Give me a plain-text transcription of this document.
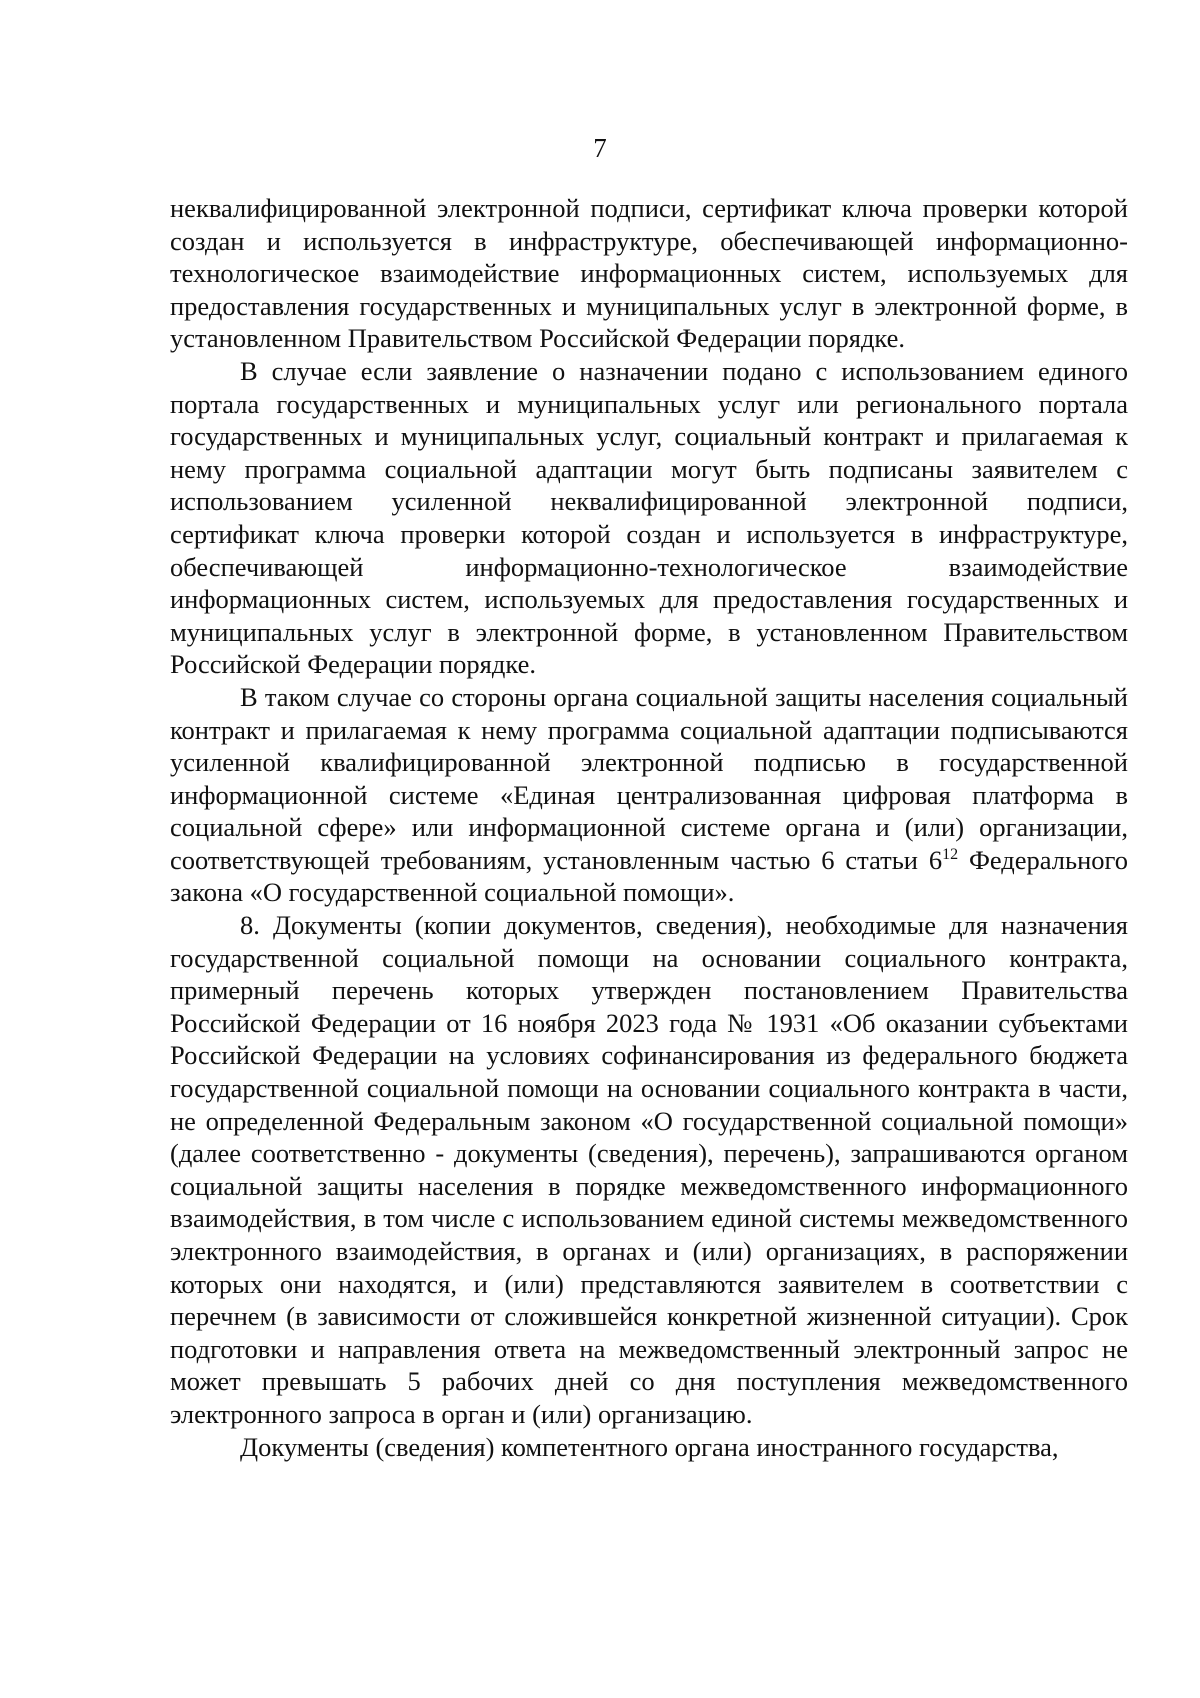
7

неквалифицированной электронной подписи, сертификат ключа проверки которой создан и используется в инфраструктуре, обеспечивающей информационно-технологическое взаимодействие информационных систем, используемых для предоставления государственных и муниципальных услуг в электронной форме, в установленном Правительством Российской Федерации порядке.

В случае если заявление о назначении подано с использованием единого портала государственных и муниципальных услуг или регионального портала государственных и муниципальных услуг, социальный контракт и прилагаемая к нему программа социальной адаптации могут быть подписаны заявителем с использованием усиленной неквалифицированной электронной подписи, сертификат ключа проверки которой создан и используется в инфраструктуре, обеспечивающей информационно-технологическое взаимодействие информационных систем, используемых для предоставления государственных и муниципальных услуг в электронной форме, в установленном Правительством Российской Федерации порядке.

В таком случае со стороны органа социальной защиты населения социальный контракт и прилагаемая к нему программа социальной адаптации подписываются усиленной квалифицированной электронной подписью в государственной информационной системе «Единая централизованная цифровая платформа в социальной сфере» или информационной системе органа и (или) организации, соответствующей требованиям, установленным частью 6 статьи $6^{12}$ Федерального закона «О государственной социальной помощи».

8. Документы (копии документов, сведения), необходимые для назначения государственной социальной помощи на основании социального контракта, примерный перечень которых утвержден постановлением Правительства Российской Федерации от 16 ноября 2023 года № 1931 «Об оказании субъектами Российской Федерации на условиях софинансирования из федерального бюджета государственной социальной помощи на основании социального контракта в части, не определенной Федеральным законом «О государственной социальной помощи» (далее соответственно - документы (сведения), перечень), запрашиваются органом социальной защиты населения в порядке межведомственного информационного взаимодействия, в том числе с использованием единой системы межведомственного электронного взаимодействия, в органах и (или) организациях, в распоряжении которых они находятся, и (или) представляются заявителем в соответствии с перечнем (в зависимости от сложившейся конкретной жизненной ситуации). Срок подготовки и направления ответа на межведомственный электронный запрос не может превышать 5 рабочих дней со дня поступления межведомственного электронного запроса в орган и (или) организацию.

Документы (сведения) компетентного органа иностранного государства,
